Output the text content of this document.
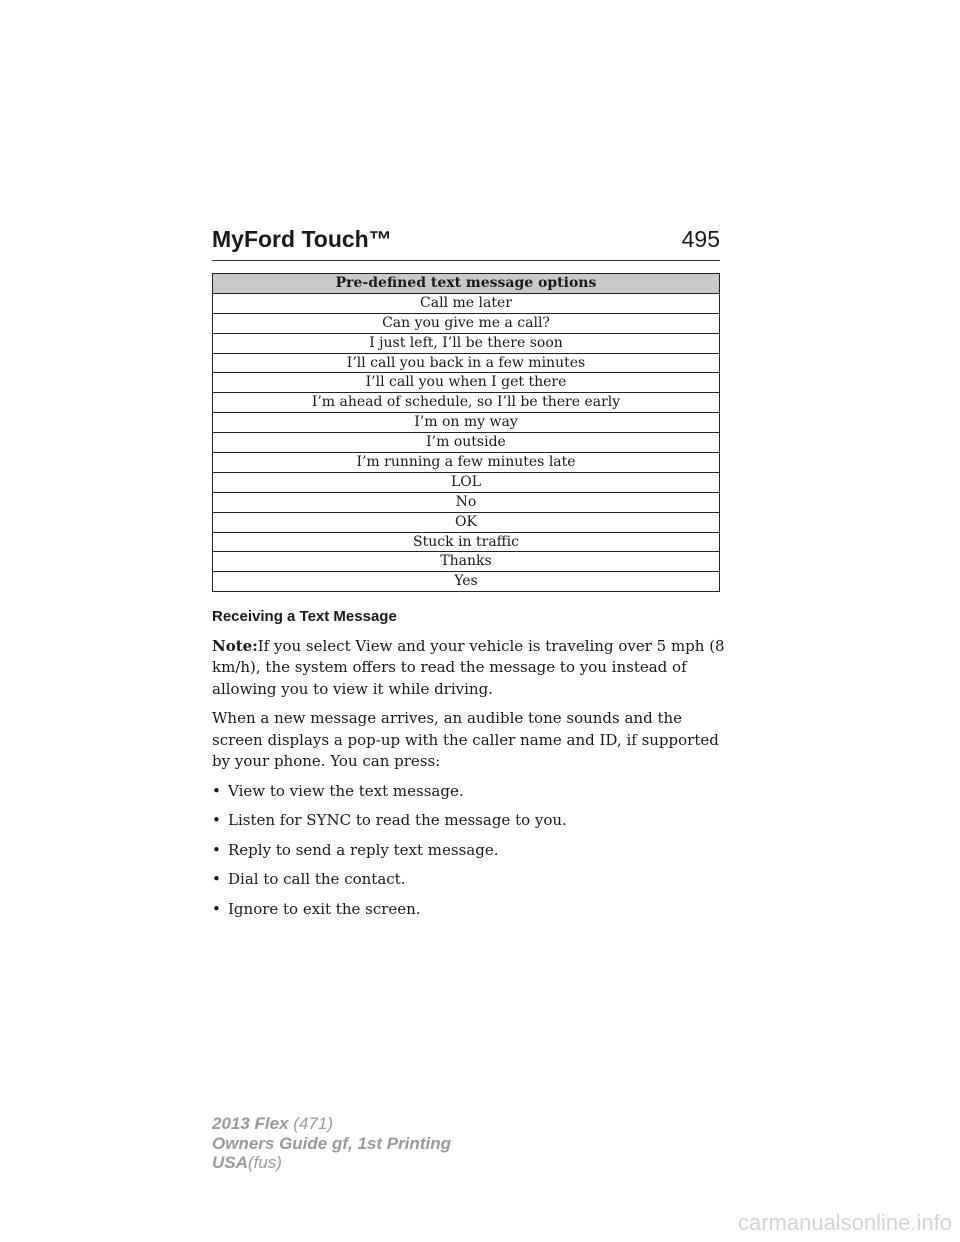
MyFord Touch™	495
Pre-defined text message options
Call me later
Can you give me a call?
I just left, I’ll be there soon
I’ll call you back in a few minutes
I’ll call you when I get there
I’m ahead of schedule, so I’ll be there early
I’m on my way
I’m outside
I’m running a few minutes late
LOL
No
OK
Stuck in traffic
Thanks
Yes
Receiving a Text Message

Note:If you select View and your vehicle is traveling over 5 mph (8 km/h), the system offers to read the message to you instead of allowing you to view it while driving.

When a new message arrives, an audible tone sounds and the screen displays a pop-up with the caller name and ID, if supported by your phone. You can press:

• View to view the text message.
• Listen for SYNC to read the message to you.
• Reply to send a reply text message.
• Dial to call the contact.
• Ignore to exit the screen.
2013 Flex (471)
Owners Guide gf, 1st Printing
USA(fus)
carmanualsonline.info
